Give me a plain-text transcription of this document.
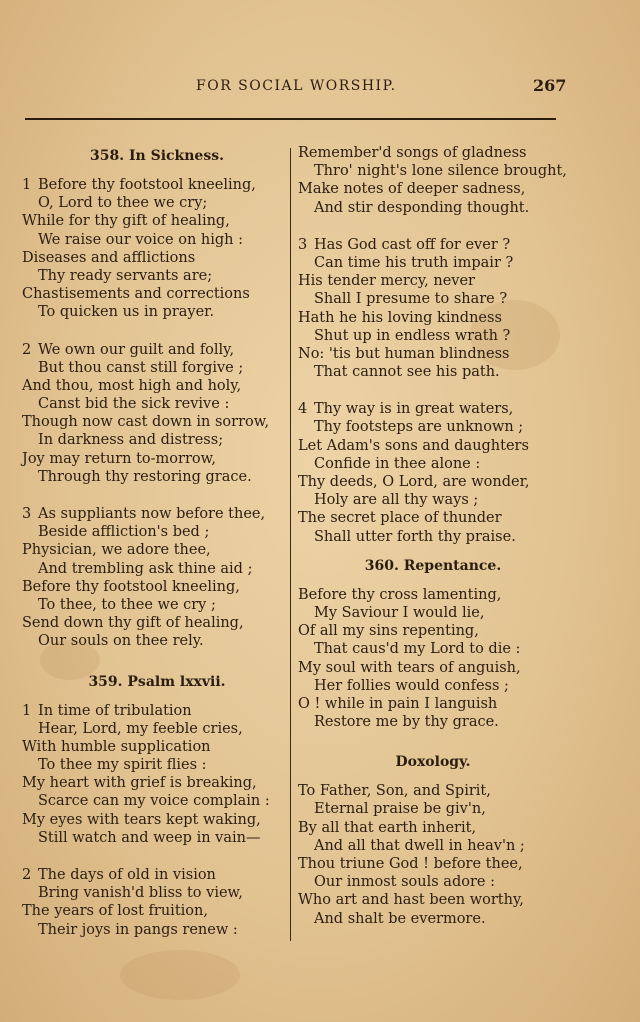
FOR SOCIAL WORSHIP.	267
358. In Sickness.
1 Before thy footstool kneeling,
O, Lord to thee we cry;
While for thy gift of healing,
We raise our voice on high :
Diseases and afflictions
Thy ready servants are;
Chastisements and corrections
To quicken us in prayer.
2 We own our guilt and folly,
But thou canst still forgive ;
And thou, most high and holy,
Canst bid the sick revive :
Though now cast down in sorrow,
In darkness and distress;
Joy may return to-morrow,
Through thy restoring grace.
3 As suppliants now before thee,
Beside affliction's bed ;
Physician, we adore thee,
And trembling ask thine aid ;
Before thy footstool kneeling,
To thee, to thee we cry ;
Send down thy gift of healing,
Our souls on thee rely.
359. Psalm lxxvii.
1 In time of tribulation
Hear, Lord, my feeble cries,
With humble supplication
To thee my spirit flies :
My heart with grief is breaking,
Scarce can my voice complain :
My eyes with tears kept waking,
Still watch and weep in vain—
2 The days of old in vision
Bring vanish'd bliss to view,
The years of lost fruition,
Their joys in pangs renew :
Remember'd songs of gladness
Thro' night's lone silence brought,
Make notes of deeper sadness,
And stir desponding thought.
3 Has God cast off for ever ?
Can time his truth impair ?
His tender mercy, never
Shall I presume to share ?
Hath he his loving kindness
Shut up in endless wrath ?
No: 'tis but human blindness
That cannot see his path.
4 Thy way is in great waters,
Thy footsteps are unknown ;
Let Adam's sons and daughters
Confide in thee alone :
Thy deeds, O Lord, are wonder,
Holy are all thy ways ;
The secret place of thunder
Shall utter forth thy praise.
360. Repentance.
Before thy cross lamenting,
My Saviour I would lie,
Of all my sins repenting,
That caus'd my Lord to die :
My soul with tears of anguish,
Her follies would confess ;
O ! while in pain I languish
Restore me by thy grace.
Doxology.
To Father, Son, and Spirit,
Eternal praise be giv'n,
By all that earth inherit,
And all that dwell in heav'n ;
Thou triune God ! before thee,
Our inmost souls adore :
Who art and hast been worthy,
And shalt be evermore.
